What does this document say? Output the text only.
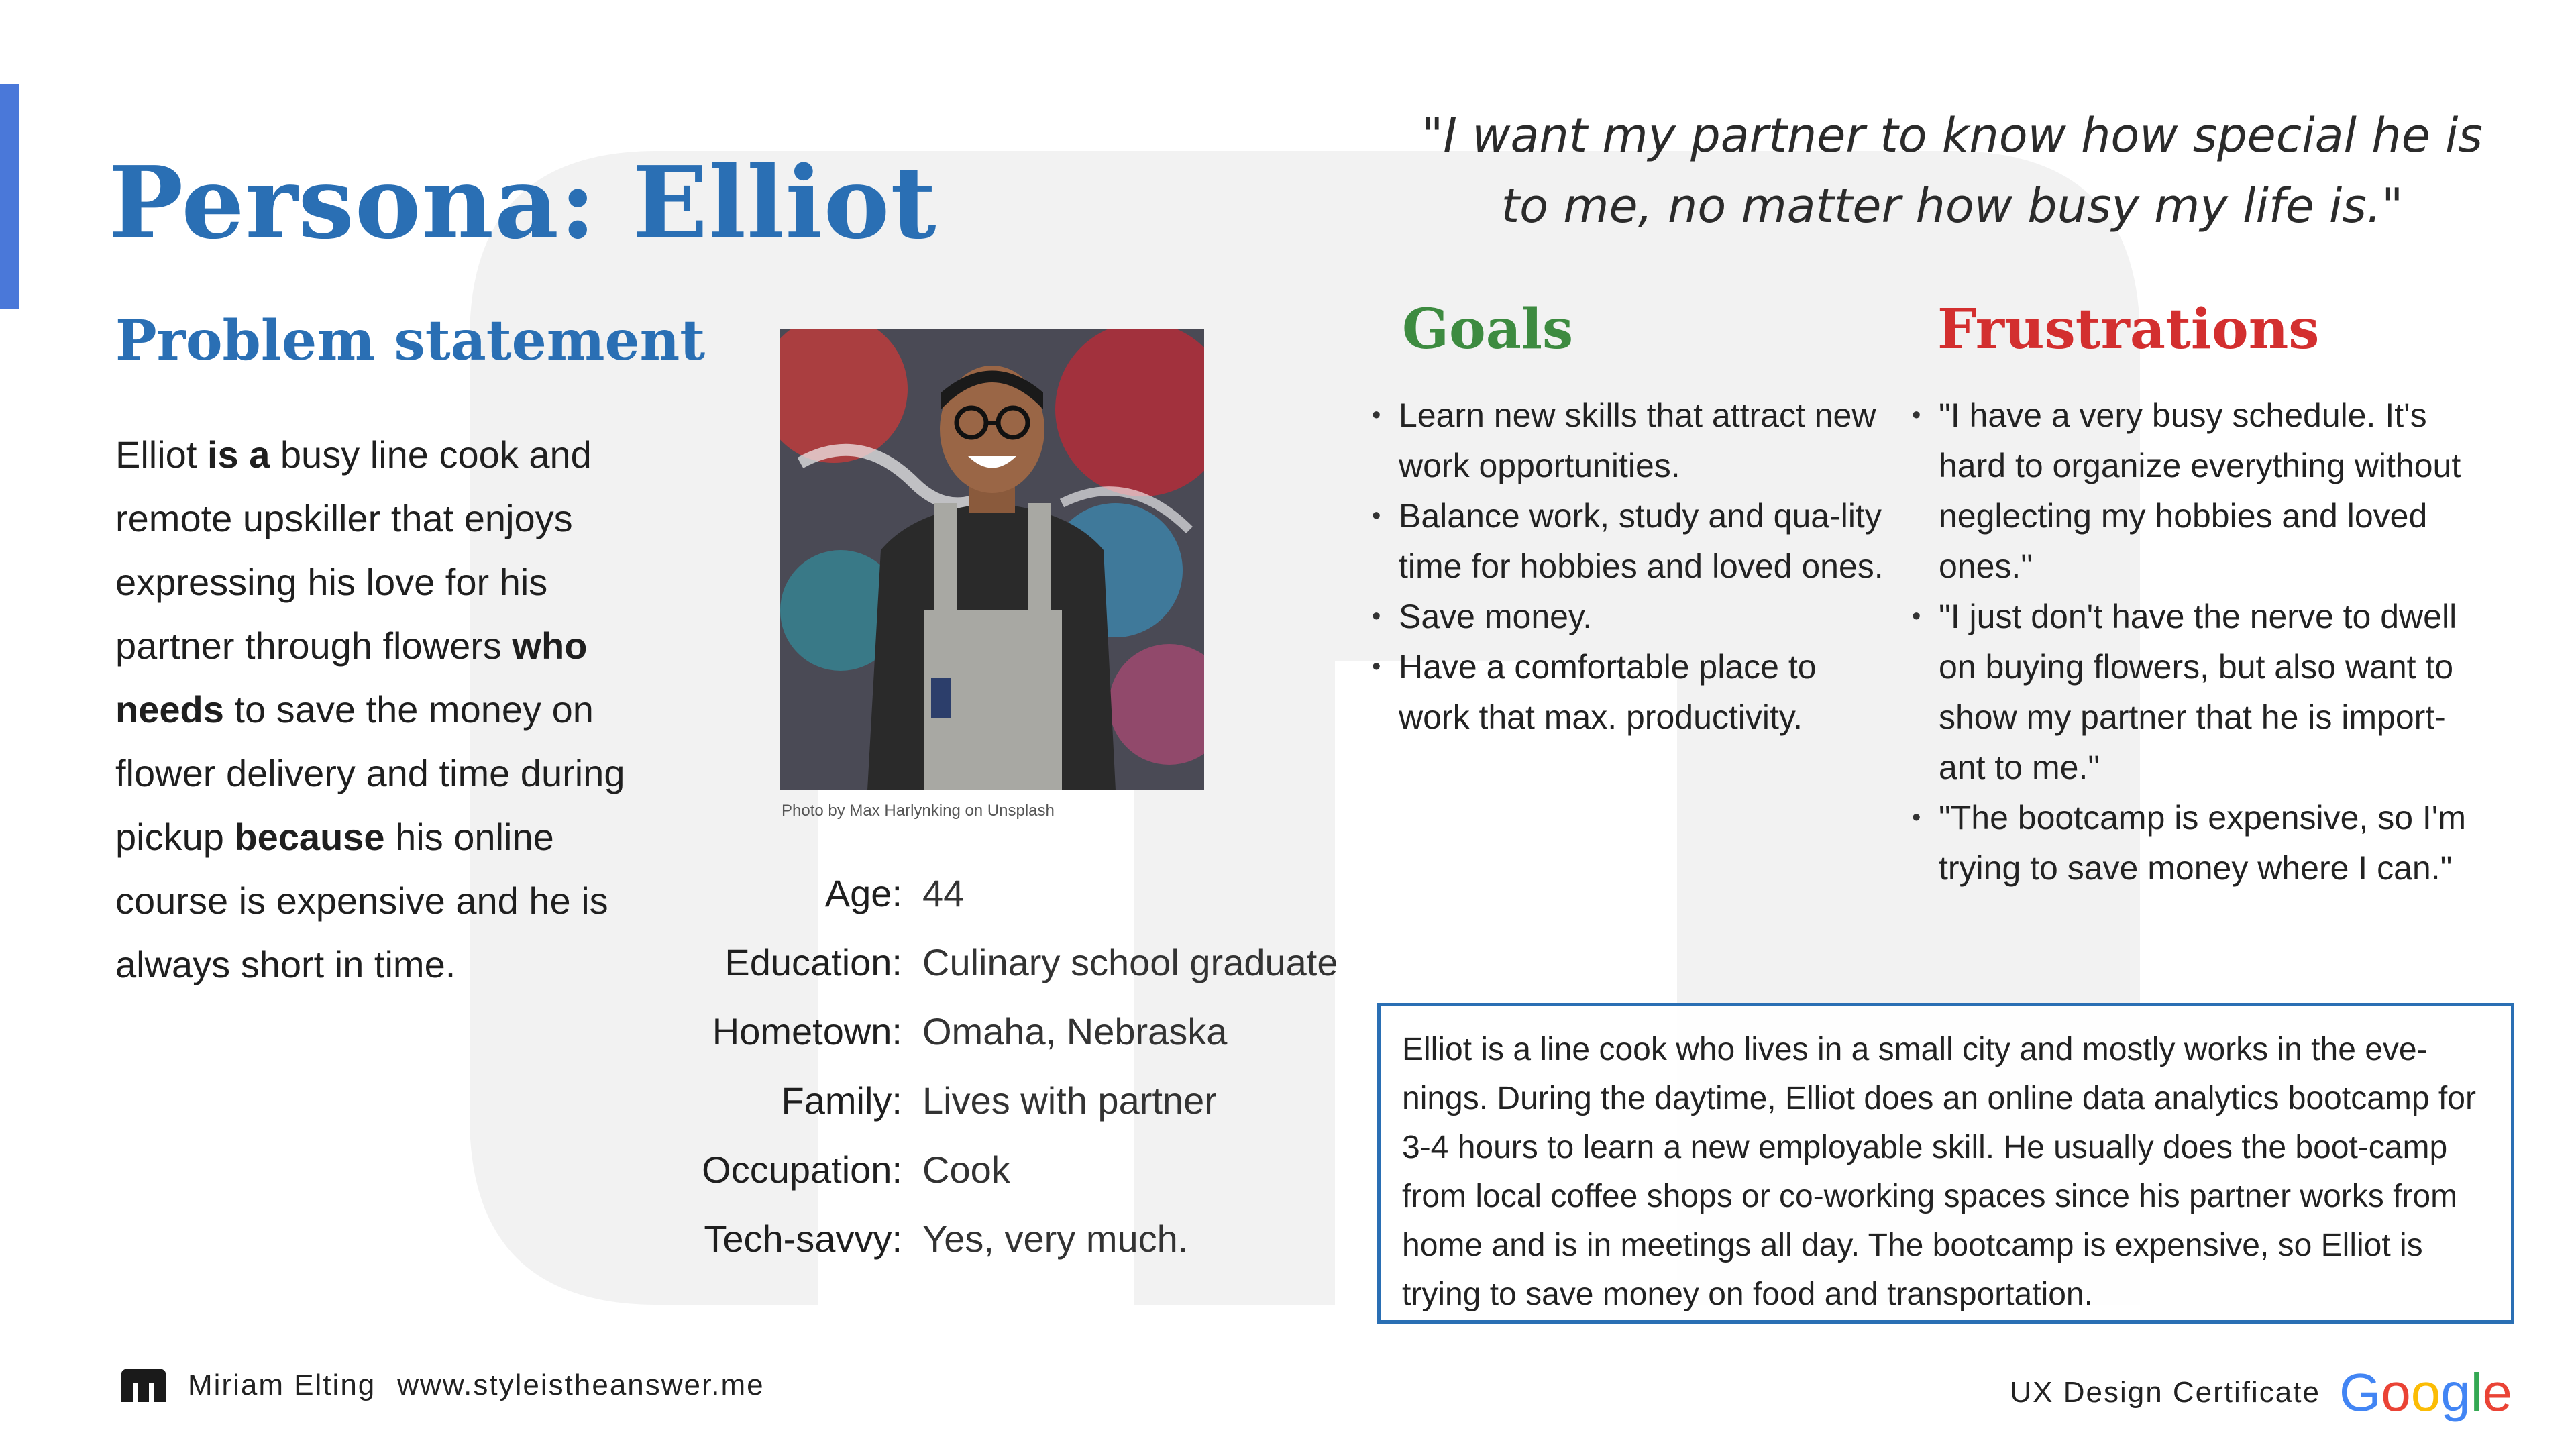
Persona: Elliot
"I want my partner to know how special he is to me, no matter how busy my life is."
Problem statement

Elliot is a busy line cook and remote upskiller that enjoys expressing his love for his partner through flowers who needs to save the money on flower delivery and time during pickup because his online course is expensive and he is always short in time.

Photo by Max Harlynking on Unsplash
Age: 44
Education: Culinary school graduate
Hometown: Omaha, Nebraska
Family: Lives with partner
Occupation: Cook
Tech-savvy: Yes, very much.
Goals
• Learn new skills that attract new work opportunities.
• Balance work, study and qua-lity time for hobbies and loved ones.
• Save money.
• Have a comfortable place to work that max. productivity.
Frustrations
• "I have a very busy schedule. It's hard to organize everything without neglecting my hobbies and loved ones."
• "I just don't have the nerve to dwell on buying flowers, but also want to show my partner that he is import-ant to me."
• "The bootcamp is expensive, so I'm trying to save money where I can."
Elliot is a line cook who lives in a small city and mostly works in the eve-nings. During the daytime, Elliot does an online data analytics bootcamp for 3-4 hours to learn a new employable skill. He usually does the boot-camp from local coffee shops or co-working spaces since his partner works from home and is in meetings all day. The bootcamp is expensive, so Elliot is trying to save money on food and transportation.
Miriam Elting www.styleistheanswer.me	UX Design Certificate Google
